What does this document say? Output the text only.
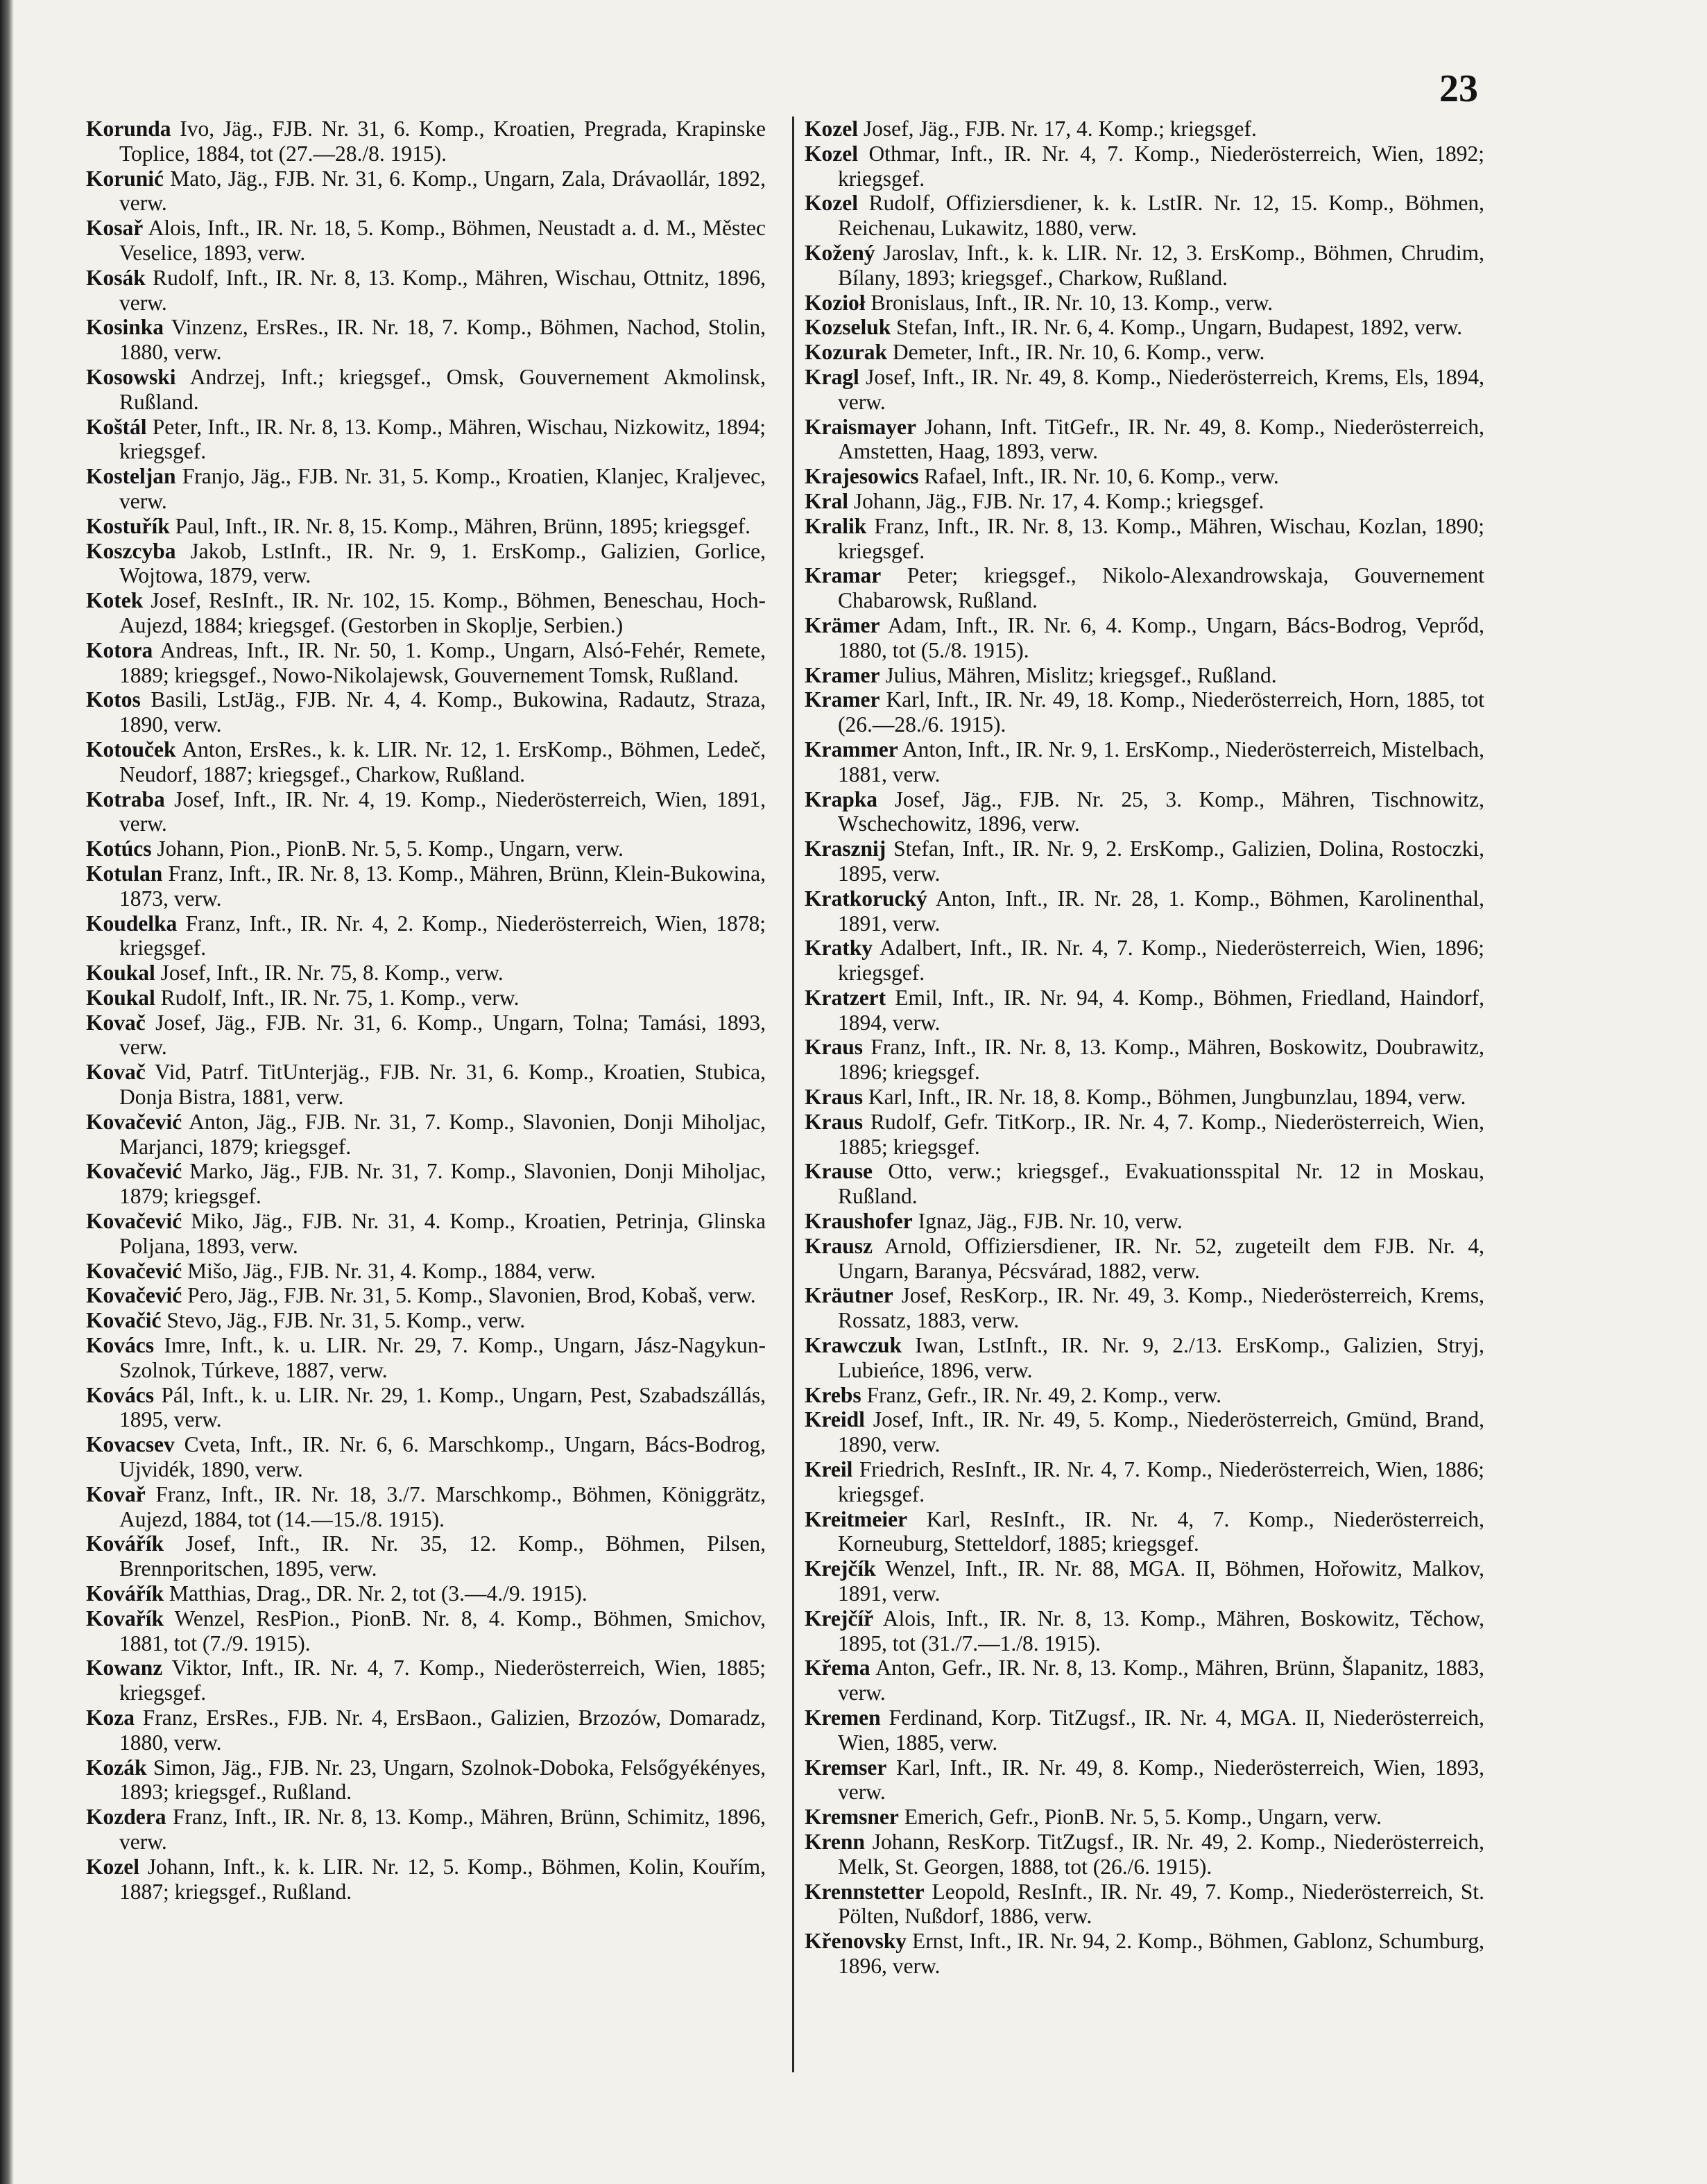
23

Korunda Ivo, Jäg., FJB. Nr. 31, 6. Komp., Kroatien, Pregrada, Krapinske Toplice, 1884, tot (27.—28./8. 1915).

Korunić Mato, Jäg., FJB. Nr. 31, 6. Komp., Ungarn, Zala, Drávaollár, 1892, verw.

Kosař Alois, Inft., IR. Nr. 18, 5. Komp., Böhmen, Neustadt a. d. M., Městec Veselice, 1893, verw.

Kosák Rudolf, Inft., IR. Nr. 8, 13. Komp., Mähren, Wischau, Ottnitz, 1896, verw.

Kosinka Vinzenz, ErsRes., IR. Nr. 18, 7. Komp., Böhmen, Nachod, Stolin, 1880, verw.

Kosowski Andrzej, Inft.; kriegsgef., Omsk, Gouvernement Akmolinsk, Rußland.

Koštál Peter, Inft., IR. Nr. 8, 13. Komp., Mähren, Wischau, Nizkowitz, 1894; kriegsgef.

Kosteljan Franjo, Jäg., FJB. Nr. 31, 5. Komp., Kroatien, Klanjec, Kraljevec, verw.

Kostuřík Paul, Inft., IR. Nr. 8, 15. Komp., Mähren, Brünn, 1895; kriegsgef.

Koszcyba Jakob, LstInft., IR. Nr. 9, 1. ErsKomp., Galizien, Gorlice, Wojtowa, 1879, verw.

Kotek Josef, ResInft., IR. Nr. 102, 15. Komp., Böhmen, Beneschau, Hoch-Aujezd, 1884; kriegsgef. (Gestorben in Skoplje, Serbien.)

Kotora Andreas, Inft., IR. Nr. 50, 1. Komp., Ungarn, Alsó-Fehér, Remete, 1889; kriegsgef., Nowo-Nikolajewsk, Gouvernement Tomsk, Rußland.

Kotos Basili, LstJäg., FJB. Nr. 4, 4. Komp., Bukowina, Radautz, Straza, 1890, verw.

Kotouček Anton, ErsRes., k. k. LIR. Nr. 12, 1. ErsKomp., Böhmen, Ledeč, Neudorf, 1887; kriegsgef., Charkow, Rußland.

Kotraba Josef, Inft., IR. Nr. 4, 19. Komp., Niederösterreich, Wien, 1891, verw.

Kotúcs Johann, Pion., PionB. Nr. 5, 5. Komp., Ungarn, verw.

Kotulan Franz, Inft., IR. Nr. 8, 13. Komp., Mähren, Brünn, Klein-Bukowina, 1873, verw.

Koudelka Franz, Inft., IR. Nr. 4, 2. Komp., Niederösterreich, Wien, 1878; kriegsgef.

Koukal Josef, Inft., IR. Nr. 75, 8. Komp., verw.

Koukal Rudolf, Inft., IR. Nr. 75, 1. Komp., verw.

Kovač Josef, Jäg., FJB. Nr. 31, 6. Komp., Ungarn, Tolna; Tamási, 1893, verw.

Kovač Vid, Patrf. TitUnterjäg., FJB. Nr. 31, 6. Komp., Kroatien, Stubica, Donja Bistra, 1881, verw.

Kovačević Anton, Jäg., FJB. Nr. 31, 7. Komp., Slavonien, Donji Miholjac, Marjanci, 1879; kriegsgef.

Kovačević Marko, Jäg., FJB. Nr. 31, 7. Komp., Slavonien, Donji Miholjac, 1879; kriegsgef.

Kovačević Miko, Jäg., FJB. Nr. 31, 4. Komp., Kroatien, Petrinja, Glinska Poljana, 1893, verw.

Kovačević Mišo, Jäg., FJB. Nr. 31, 4. Komp., 1884, verw.

Kovačević Pero, Jäg., FJB. Nr. 31, 5. Komp., Slavonien, Brod, Kobaš, verw.

Kovačić Stevo, Jäg., FJB. Nr. 31, 5. Komp., verw.

Kovács Imre, Inft., k. u. LIR. Nr. 29, 7. Komp., Ungarn, Jász-Nagykun-Szolnok, Túrkeve, 1887, verw.

Kovács Pál, Inft., k. u. LIR. Nr. 29, 1. Komp., Ungarn, Pest, Szabadszállás, 1895, verw.

Kovacsev Cveta, Inft., IR. Nr. 6, 6. Marschkomp., Ungarn, Bács-Bodrog, Ujvidék, 1890, verw.

Kovař Franz, Inft., IR. Nr. 18, 3./7. Marschkomp., Böhmen, Königgrätz, Aujezd, 1884, tot (14.—15./8. 1915).

Kovářík Josef, Inft., IR. Nr. 35, 12. Komp., Böhmen, Pilsen, Brennporitschen, 1895, verw.

Kovářík Matthias, Drag., DR. Nr. 2, tot (3.—4./9. 1915).

Kovařík Wenzel, ResPion., PionB. Nr. 8, 4. Komp., Böhmen, Smichov, 1881, tot (7./9. 1915).

Kowanz Viktor, Inft., IR. Nr. 4, 7. Komp., Niederösterreich, Wien, 1885; kriegsgef.

Koza Franz, ErsRes., FJB. Nr. 4, ErsBaon., Galizien, Brzozów, Domaradz, 1880, verw.

Kozák Simon, Jäg., FJB. Nr. 23, Ungarn, Szolnok-Doboka, Felsőgyékényes, 1893; kriegsgef., Rußland.

Kozdera Franz, Inft., IR. Nr. 8, 13. Komp., Mähren, Brünn, Schimitz, 1896, verw.

Kozel Johann, Inft., k. k. LIR. Nr. 12, 5. Komp., Böhmen, Kolin, Kouřím, 1887; kriegsgef., Rußland.

Kozel Josef, Jäg., FJB. Nr. 17, 4. Komp.; kriegsgef.

Kozel Othmar, Inft., IR. Nr. 4, 7. Komp., Niederösterreich, Wien, 1892; kriegsgef.

Kozel Rudolf, Offiziersdiener, k. k. LstIR. Nr. 12, 15. Komp., Böhmen, Reichenau, Lukawitz, 1880, verw.

Kožený Jaroslav, Inft., k. k. LIR. Nr. 12, 3. ErsKomp., Böhmen, Chrudim, Bílany, 1893; kriegsgef., Charkow, Rußland.

Kozioł Bronislaus, Inft., IR. Nr. 10, 13. Komp., verw.

Kozseluk Stefan, Inft., IR. Nr. 6, 4. Komp., Ungarn, Budapest, 1892, verw.

Kozurak Demeter, Inft., IR. Nr. 10, 6. Komp., verw.

Kragl Josef, Inft., IR. Nr. 49, 8. Komp., Niederösterreich, Krems, Els, 1894, verw.

Kraismayer Johann, Inft. TitGefr., IR. Nr. 49, 8. Komp., Niederösterreich, Amstetten, Haag, 1893, verw.

Krajesowics Rafael, Inft., IR. Nr. 10, 6. Komp., verw.

Kral Johann, Jäg., FJB. Nr. 17, 4. Komp.; kriegsgef.

Kralik Franz, Inft., IR. Nr. 8, 13. Komp., Mähren, Wischau, Kozlan, 1890; kriegsgef.

Kramar Peter; kriegsgef., Nikolo-Alexandrowskaja, Gouvernement Chabarowsk, Rußland.

Krämer Adam, Inft., IR. Nr. 6, 4. Komp., Ungarn, Bács-Bodrog, Veprőd, 1880, tot (5./8. 1915).

Kramer Julius, Mähren, Mislitz; kriegsgef., Rußland.

Kramer Karl, Inft., IR. Nr. 49, 18. Komp., Niederösterreich, Horn, 1885, tot (26.—28./6. 1915).

Krammer Anton, Inft., IR. Nr. 9, 1. ErsKomp., Niederösterreich, Mistelbach, 1881, verw.

Krapka Josef, Jäg., FJB. Nr. 25, 3. Komp., Mähren, Tischnowitz, Wschechowitz, 1896, verw.

Krasznij Stefan, Inft., IR. Nr. 9, 2. ErsKomp., Galizien, Dolina, Rostoczki, 1895, verw.

Kratkorucký Anton, Inft., IR. Nr. 28, 1. Komp., Böhmen, Karolinenthal, 1891, verw.

Kratky Adalbert, Inft., IR. Nr. 4, 7. Komp., Niederösterreich, Wien, 1896; kriegsgef.

Kratzert Emil, Inft., IR. Nr. 94, 4. Komp., Böhmen, Friedland, Haindorf, 1894, verw.

Kraus Franz, Inft., IR. Nr. 8, 13. Komp., Mähren, Boskowitz, Doubrawitz, 1896; kriegsgef.

Kraus Karl, Inft., IR. Nr. 18, 8. Komp., Böhmen, Jungbunzlau, 1894, verw.

Kraus Rudolf, Gefr. TitKorp., IR. Nr. 4, 7. Komp., Niederösterreich, Wien, 1885; kriegsgef.

Krause Otto, verw.; kriegsgef., Evakuationsspital Nr. 12 in Moskau, Rußland.

Kraushofer Ignaz, Jäg., FJB. Nr. 10, verw.

Krausz Arnold, Offiziersdiener, IR. Nr. 52, zugeteilt dem FJB. Nr. 4, Ungarn, Baranya, Pécsvárad, 1882, verw.

Kräutner Josef, ResKorp., IR. Nr. 49, 3. Komp., Niederösterreich, Krems, Rossatz, 1883, verw.

Krawczuk Iwan, LstInft., IR. Nr. 9, 2./13. ErsKomp., Galizien, Stryj, Lubieńce, 1896, verw.

Krebs Franz, Gefr., IR. Nr. 49, 2. Komp., verw.

Kreidl Josef, Inft., IR. Nr. 49, 5. Komp., Niederösterreich, Gmünd, Brand, 1890, verw.

Kreil Friedrich, ResInft., IR. Nr. 4, 7. Komp., Niederösterreich, Wien, 1886; kriegsgef.

Kreitmeier Karl, ResInft., IR. Nr. 4, 7. Komp., Niederösterreich, Korneuburg, Stetteldorf, 1885; kriegsgef.

Krejčík Wenzel, Inft., IR. Nr. 88, MGA. II, Böhmen, Hořowitz, Malkov, 1891, verw.

Krejčíř Alois, Inft., IR. Nr. 8, 13. Komp., Mähren, Boskowitz, Těchow, 1895, tot (31./7.—1./8. 1915).

Křema Anton, Gefr., IR. Nr. 8, 13. Komp., Mähren, Brünn, Šlapanitz, 1883, verw.

Kremen Ferdinand, Korp. TitZugsf., IR. Nr. 4, MGA. II, Niederösterreich, Wien, 1885, verw.

Kremser Karl, Inft., IR. Nr. 49, 8. Komp., Niederösterreich, Wien, 1893, verw.

Kremsner Emerich, Gefr., PionB. Nr. 5, 5. Komp., Ungarn, verw.

Krenn Johann, ResKorp. TitZugsf., IR. Nr. 49, 2. Komp., Niederösterreich, Melk, St. Georgen, 1888, tot (26./6. 1915).

Krennstetter Leopold, ResInft., IR. Nr. 49, 7. Komp., Niederösterreich, St. Pölten, Nußdorf, 1886, verw.

Křenovsky Ernst, Inft., IR. Nr. 94, 2. Komp., Böhmen, Gablonz, Schumburg, 1896, verw.
